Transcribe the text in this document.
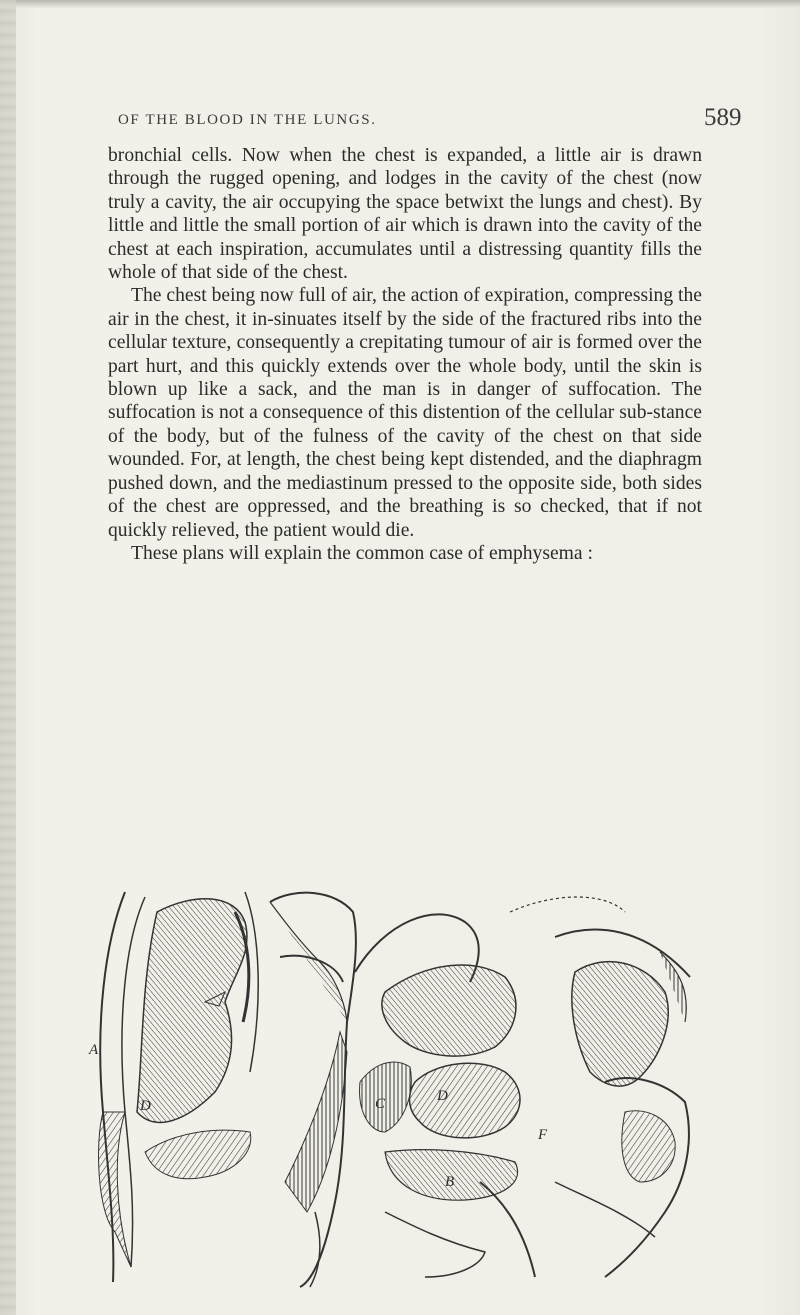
OF THE BLOOD IN THE LUNGS.	589

bronchial cells. Now when the chest is expanded, a little air is drawn through the rugged opening, and lodges in the cavity of the chest (now truly a cavity, the air occupying the space betwixt the lungs and chest). By little and little the small portion of air which is drawn into the cavity of the chest at each inspiration, accumulates until a distressing quantity fills the whole of that side of the chest.

The chest being now full of air, the action of expiration, compressing the air in the chest, it in-sinuates itself by the side of the fractured ribs into the cellular texture, consequently a crepitating tumour of air is formed over the part hurt, and this quickly extends over the whole body, until the skin is blown up like a sack, and the man is in danger of suffocation. The suffocation is not a consequence of this distention of the cellular sub-stance of the body, but of the fulness of the cavity of the chest on that side wounded. For, at length, the chest being kept distended, and the diaphragm pushed down, and the mediastinum pressed to the opposite side, both sides of the chest are oppressed, and the breathing is so checked, that if not quickly relieved, the patient would die.

These plans will explain the common case of emphysema :

A
D
D
C
B
F
